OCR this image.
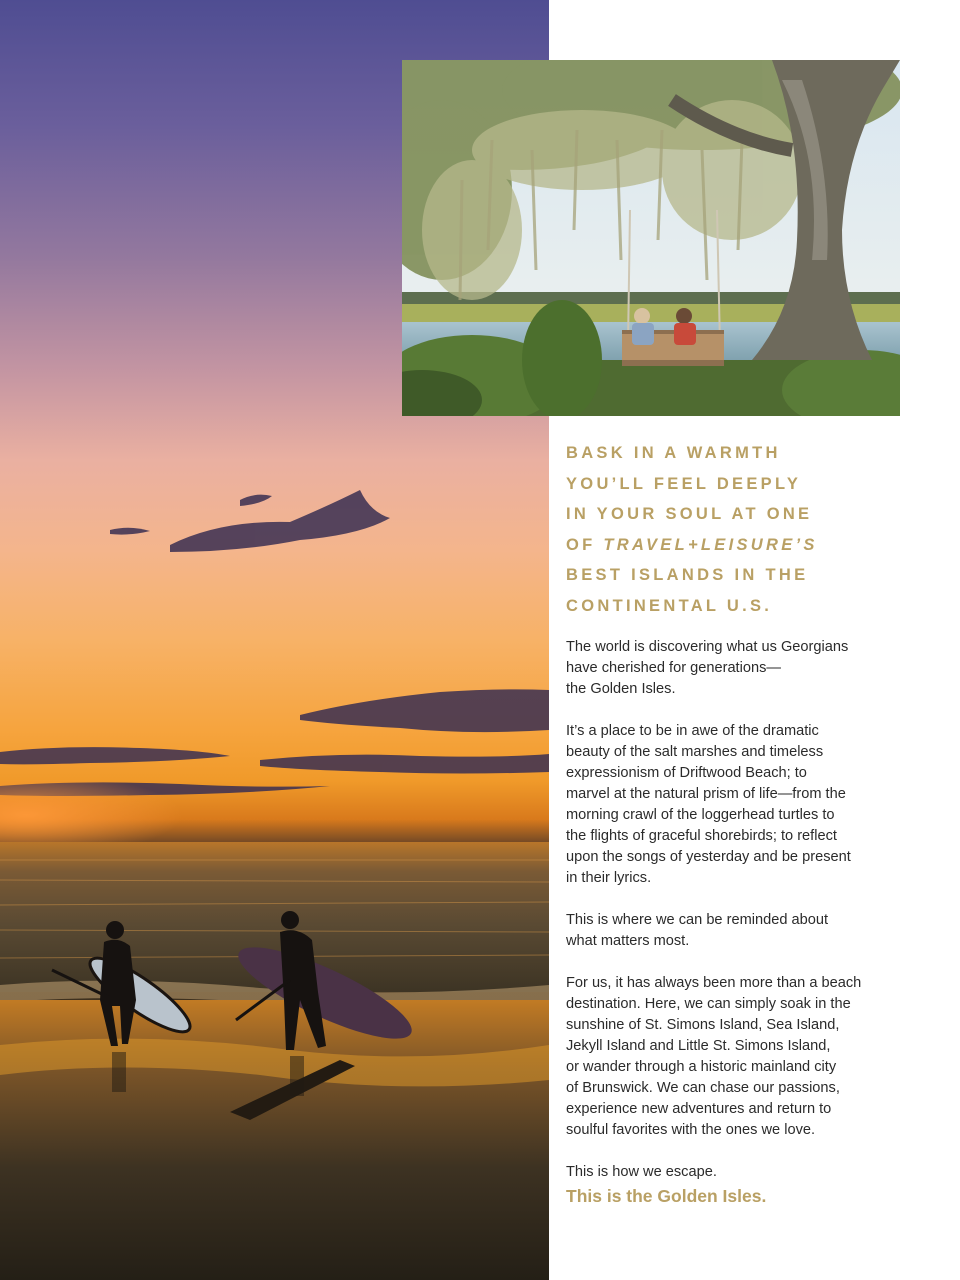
BASK IN A WARMTH
YOU’LL FEEL DEEPLY
IN YOUR SOUL AT ONE
OF TRAVEL+LEISURE’S
BEST ISLANDS IN THE
CONTINENTAL U.S.

The world is discovering what us Georgians
have cherished for generations—
the Golden Isles.

It’s a place to be in awe of the dramatic
beauty of the salt marshes and timeless
expressionism of Driftwood Beach; to
marvel at the natural prism of life—from the
morning crawl of the loggerhead turtles to
the flights of graceful shorebirds; to reflect
upon the songs of yesterday and be present
in their lyrics.

This is where we can be reminded about
what matters most.

For us, it has always been more than a beach
destination. Here, we can simply soak in the
sunshine of St. Simons Island, Sea Island,
Jekyll Island and Little St. Simons Island,
or wander through a historic mainland city
of Brunswick. We can chase our passions,
experience new adventures and return to
soulful favorites with the ones we love.

This is how we escape.

This is the Golden Isles.
